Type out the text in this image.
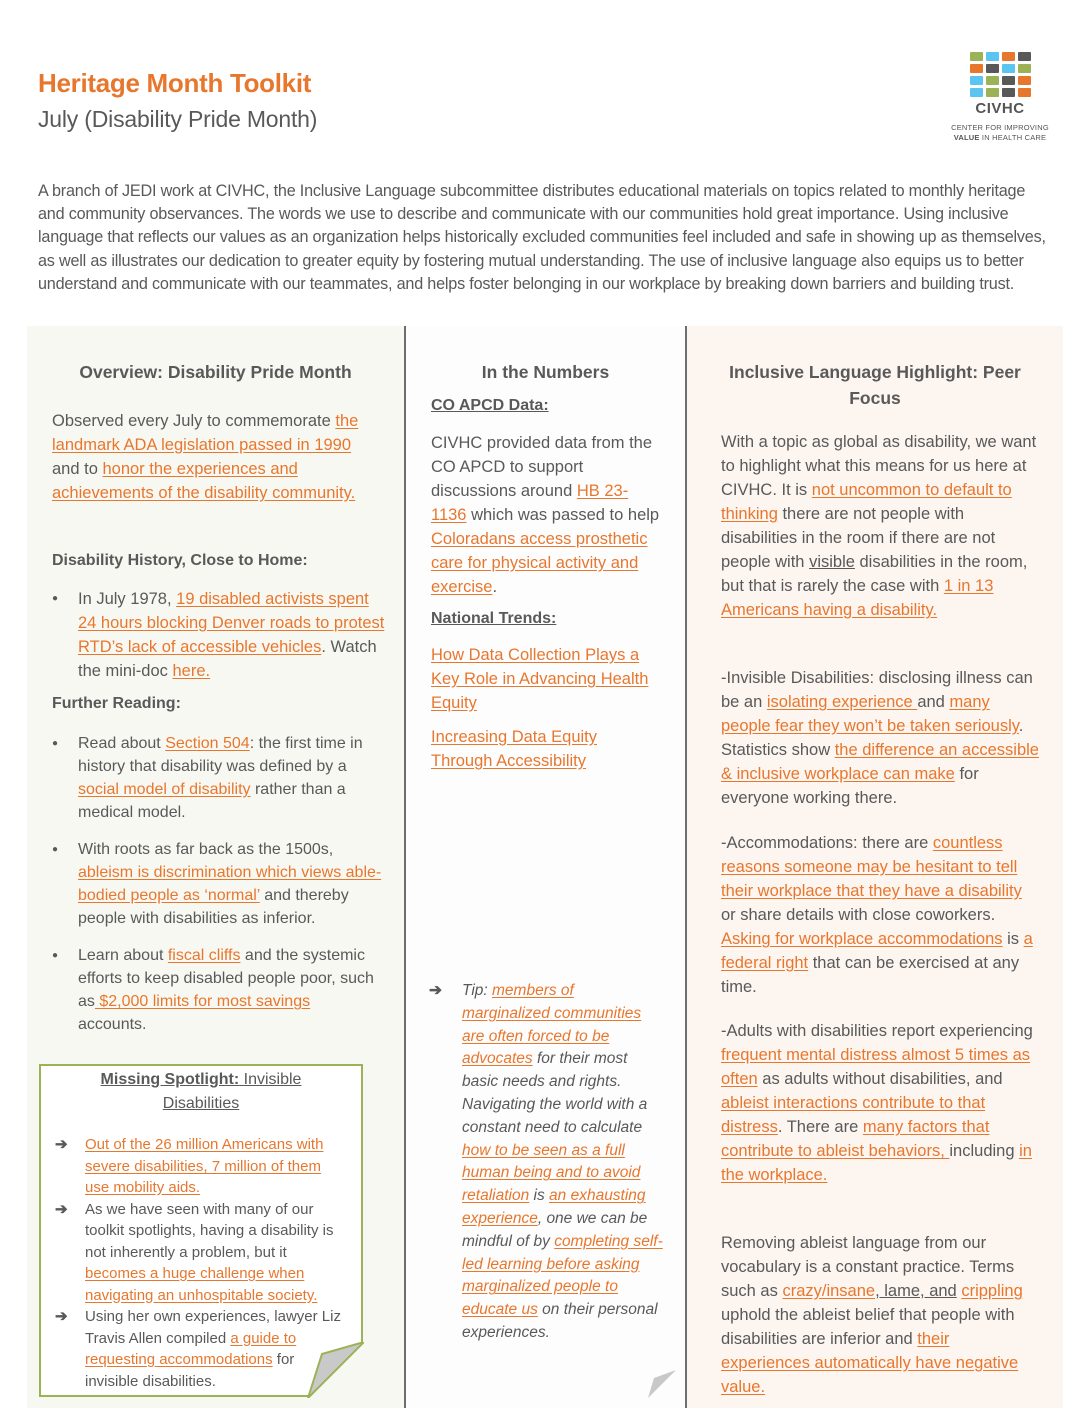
Heritage Month Toolkit
July (Disability Pride Month)	CIVHC
CENTER FOR IMPROVING
VALUE IN HEALTH CARE
A branch of JEDI work at CIVHC, the Inclusive Language subcommittee distributes educational materials on topics related to monthly heritage and community observances. The words we use to describe and communicate with our communities hold great importance. Using inclusive language that reflects our values as an organization helps historically excluded communities feel included and safe in showing up as themselves, as well as illustrates our dedication to greater equity by fostering mutual understanding. The use of inclusive language also equips us to better understand and communicate with our teammates, and helps foster belonging in our workplace by breaking down barriers and building trust.
Overview: Disability Pride Month
Observed every July to commemorate the landmark ADA legislation passed in 1990 and to honor the experiences and achievements of the disability community.
Disability History, Close to Home:
● In July 1978, 19 disabled activists spent 24 hours blocking Denver roads to protest RTD’s lack of accessible vehicles. Watch the mini-doc here.
Further Reading:
● Read about Section 504: the first time in history that disability was defined by a social model of disability rather than a medical model.
● With roots as far back as the 1500s, ableism is discrimination which views able-bodied people as ‘normal’ and thereby people with disabilities as inferior.
● Learn about fiscal cliffs and the systemic efforts to keep disabled people poor, such as $2,000 limits for most savings accounts.
Missing Spotlight: Invisible Disabilities
➔ Out of the 26 million Americans with severe disabilities, 7 million of them use mobility aids.
➔ As we have seen with many of our toolkit spotlights, having a disability is not inherently a problem, but it becomes a huge challenge when navigating an unhospitable society.
➔ Using her own experiences, lawyer Liz Travis Allen compiled a guide to requesting accommodations for invisible disabilities.
In the Numbers
CO APCD Data:
CIVHC provided data from the CO APCD to support discussions around HB 23-1136 which was passed to help Coloradans access prosthetic care for physical activity and exercise.
National Trends:
How Data Collection Plays a Key Role in Advancing Health Equity
Increasing Data Equity Through Accessibility
➔	Tip: members of marginalized communities are often forced to be advocates for their most basic needs and rights. Navigating the world with a constant need to calculate how to be seen as a full human being and to avoid retaliation is an exhausting experience, one we can be mindful of by completing self-led learning before asking marginalized people to educate us on their personal experiences.
Inclusive Language Highlight: Peer Focus
With a topic as global as disability, we want to highlight what this means for us here at CIVHC. It is not uncommon to default to thinking there are not people with disabilities in the room if there are not people with visible disabilities in the room, but that is rarely the case with 1 in 13 Americans having a disability.
-Invisible Disabilities: disclosing illness can be an isolating experience and many people fear they won’t be taken seriously. Statistics show the difference an accessible & inclusive workplace can make for everyone working there.
-Accommodations: there are countless reasons someone may be hesitant to tell their workplace that they have a disability or share details with close coworkers. Asking for workplace accommodations is a federal right that can be exercised at any time.
-Adults with disabilities report experiencing frequent mental distress almost 5 times as often as adults without disabilities, and ableist interactions contribute to that distress. There are many factors that contribute to ableist behaviors, including in the workplace.
Removing ableist language from our vocabulary is a constant practice. Terms such as crazy/insane, lame, and crippling uphold the ableist belief that people with disabilities are inferior and their experiences automatically have negative value.
